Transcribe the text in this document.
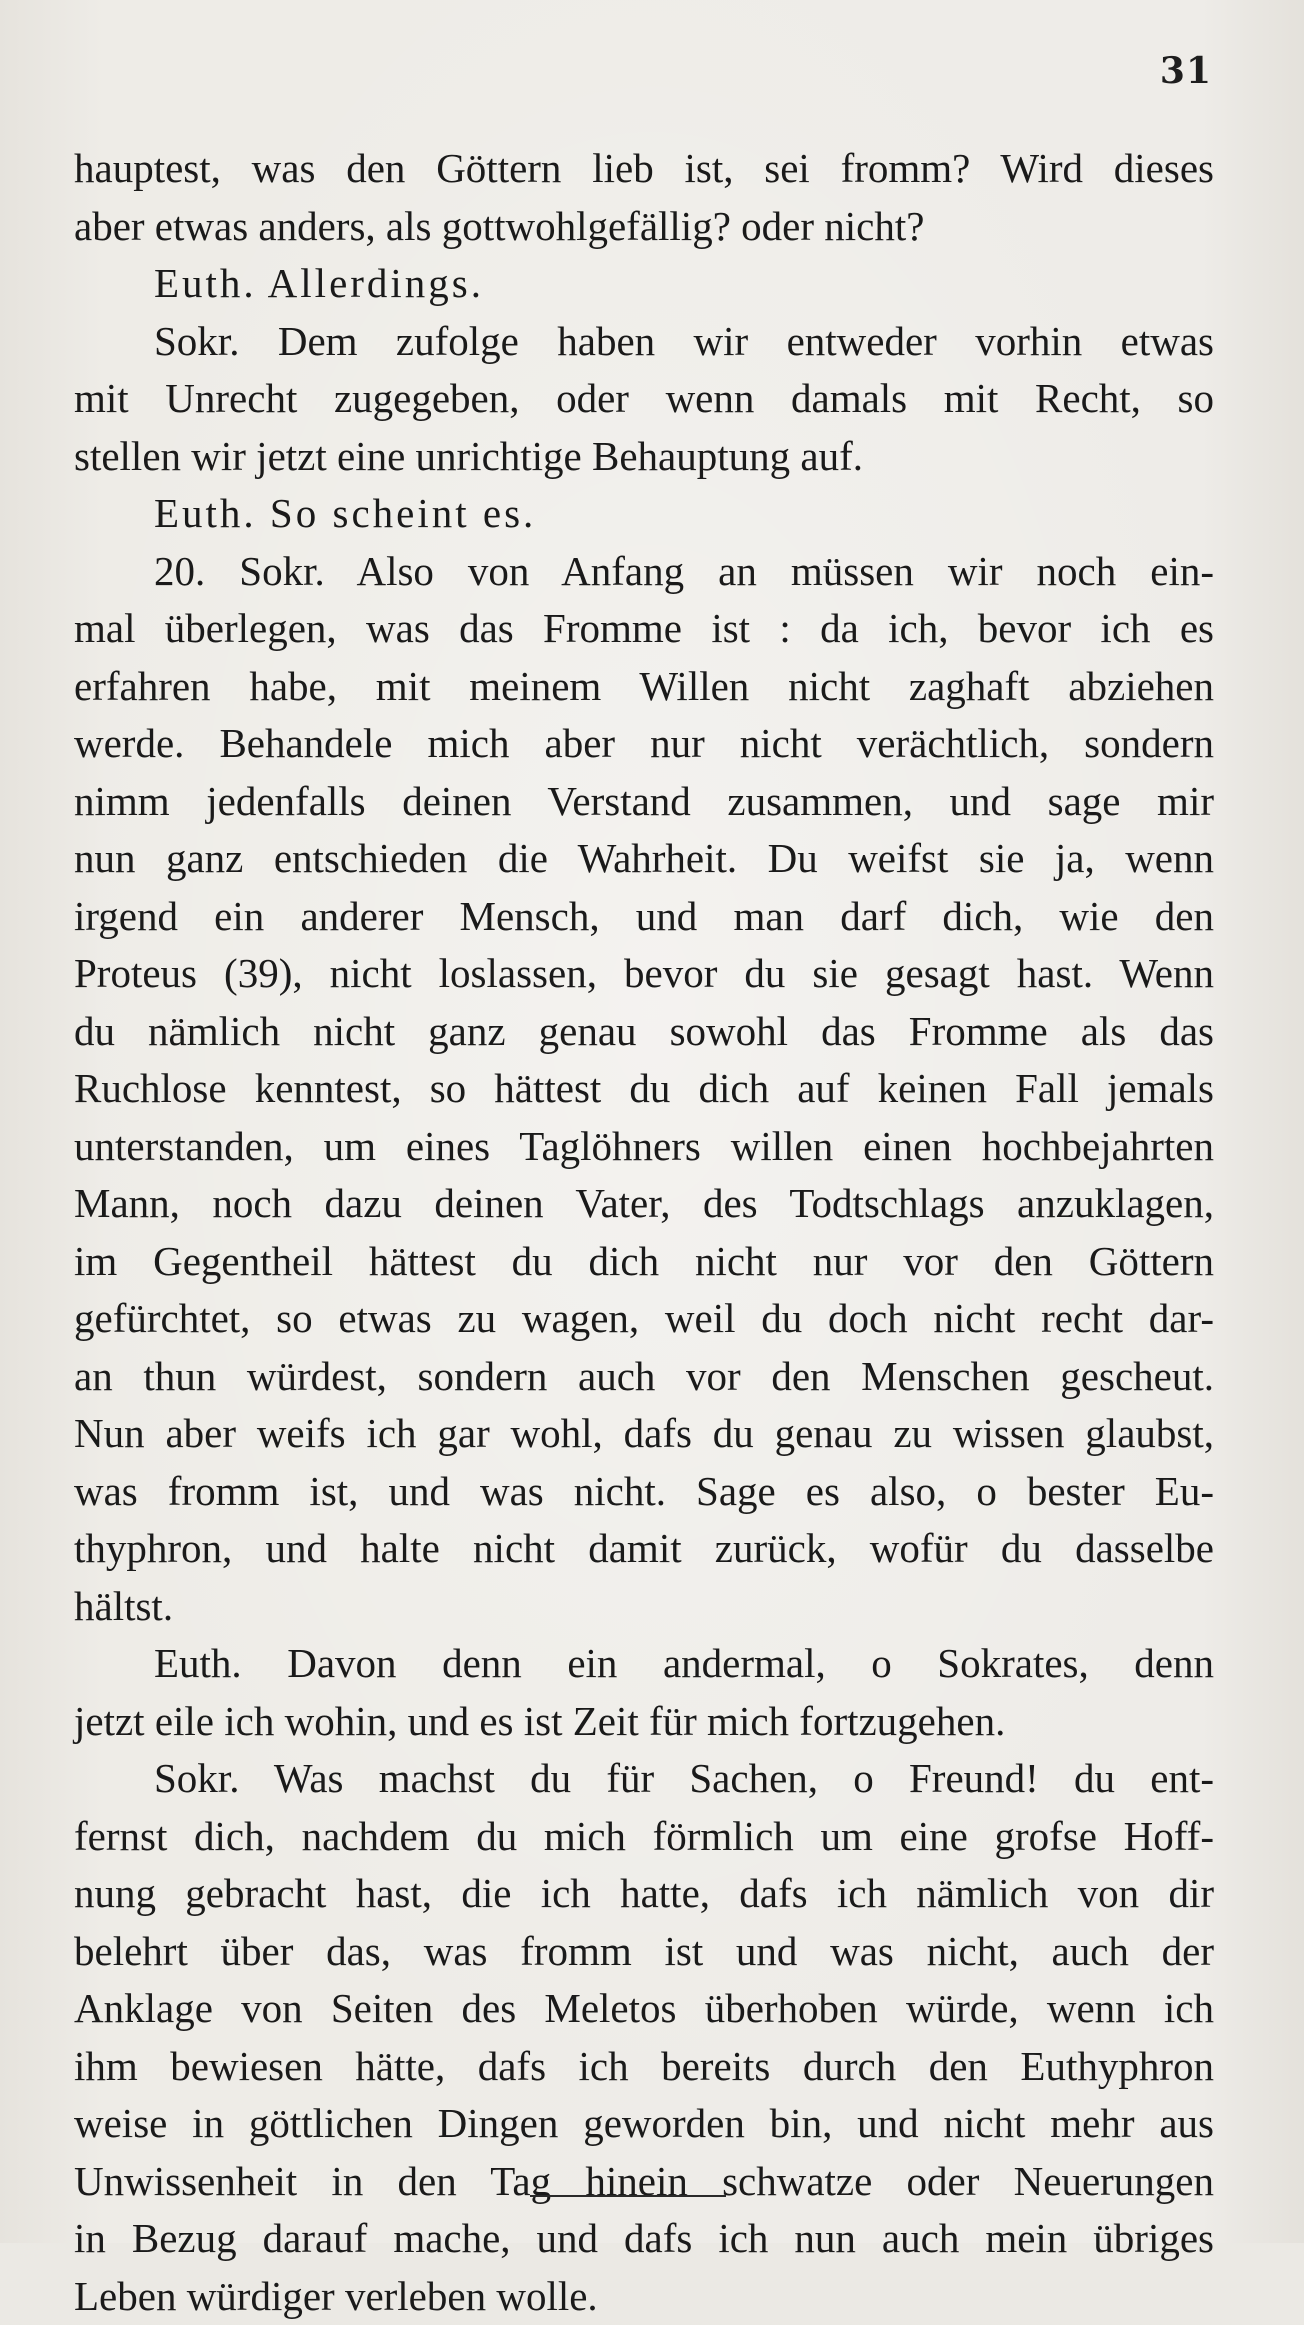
31
hauptest, was den Göttern lieb ist, sei fromm? Wird dieses
aber etwas anders, als gottwohlgefällig? oder nicht?
Euth. Allerdings.
Sokr. Dem zufolge haben wir entweder vorhin etwas
mit Unrecht zugegeben, oder wenn damals mit Recht, so
stellen wir jetzt eine unrichtige Behauptung auf.
Euth. So scheint es.
20. Sokr. Also von Anfang an müssen wir noch ein-
mal überlegen, was das Fromme ist : da ich, bevor ich es
erfahren habe, mit meinem Willen nicht zaghaft abziehen
werde. Behandele mich aber nur nicht verächtlich, sondern
nimm jedenfalls deinen Verstand zusammen, und sage mir
nun ganz entschieden die Wahrheit. Du weifst sie ja, wenn
irgend ein anderer Mensch, und man darf dich, wie den
Proteus (39), nicht loslassen, bevor du sie gesagt hast. Wenn
du nämlich nicht ganz genau sowohl das Fromme als das
Ruchlose kenntest, so hättest du dich auf keinen Fall jemals
unterstanden, um eines Taglöhners willen einen hochbejahrten
Mann, noch dazu deinen Vater, des Todtschlags anzuklagen,
im Gegentheil hättest du dich nicht nur vor den Göttern
gefürchtet, so etwas zu wagen, weil du doch nicht recht dar-
an thun würdest, sondern auch vor den Menschen gescheut.
Nun aber weifs ich gar wohl, dafs du genau zu wissen glaubst,
was fromm ist, und was nicht. Sage es also, o bester Eu-
thyphron, und halte nicht damit zurück, wofür du dasselbe
hältst.
Euth. Davon denn ein andermal, o Sokrates, denn
jetzt eile ich wohin, und es ist Zeit für mich fortzugehen.
Sokr. Was machst du für Sachen, o Freund! du ent-
fernst dich, nachdem du mich förmlich um eine grofse Hoff-
nung gebracht hast, die ich hatte, dafs ich nämlich von dir
belehrt über das, was fromm ist und was nicht, auch der
Anklage von Seiten des Meletos überhoben würde, wenn ich
ihm bewiesen hätte, dafs ich bereits durch den Euthyphron
weise in göttlichen Dingen geworden bin, und nicht mehr aus
Unwissenheit in den Tag hinein schwatze oder Neuerungen
in Bezug darauf mache, und dafs ich nun auch mein übriges
Leben würdiger verleben wolle.
